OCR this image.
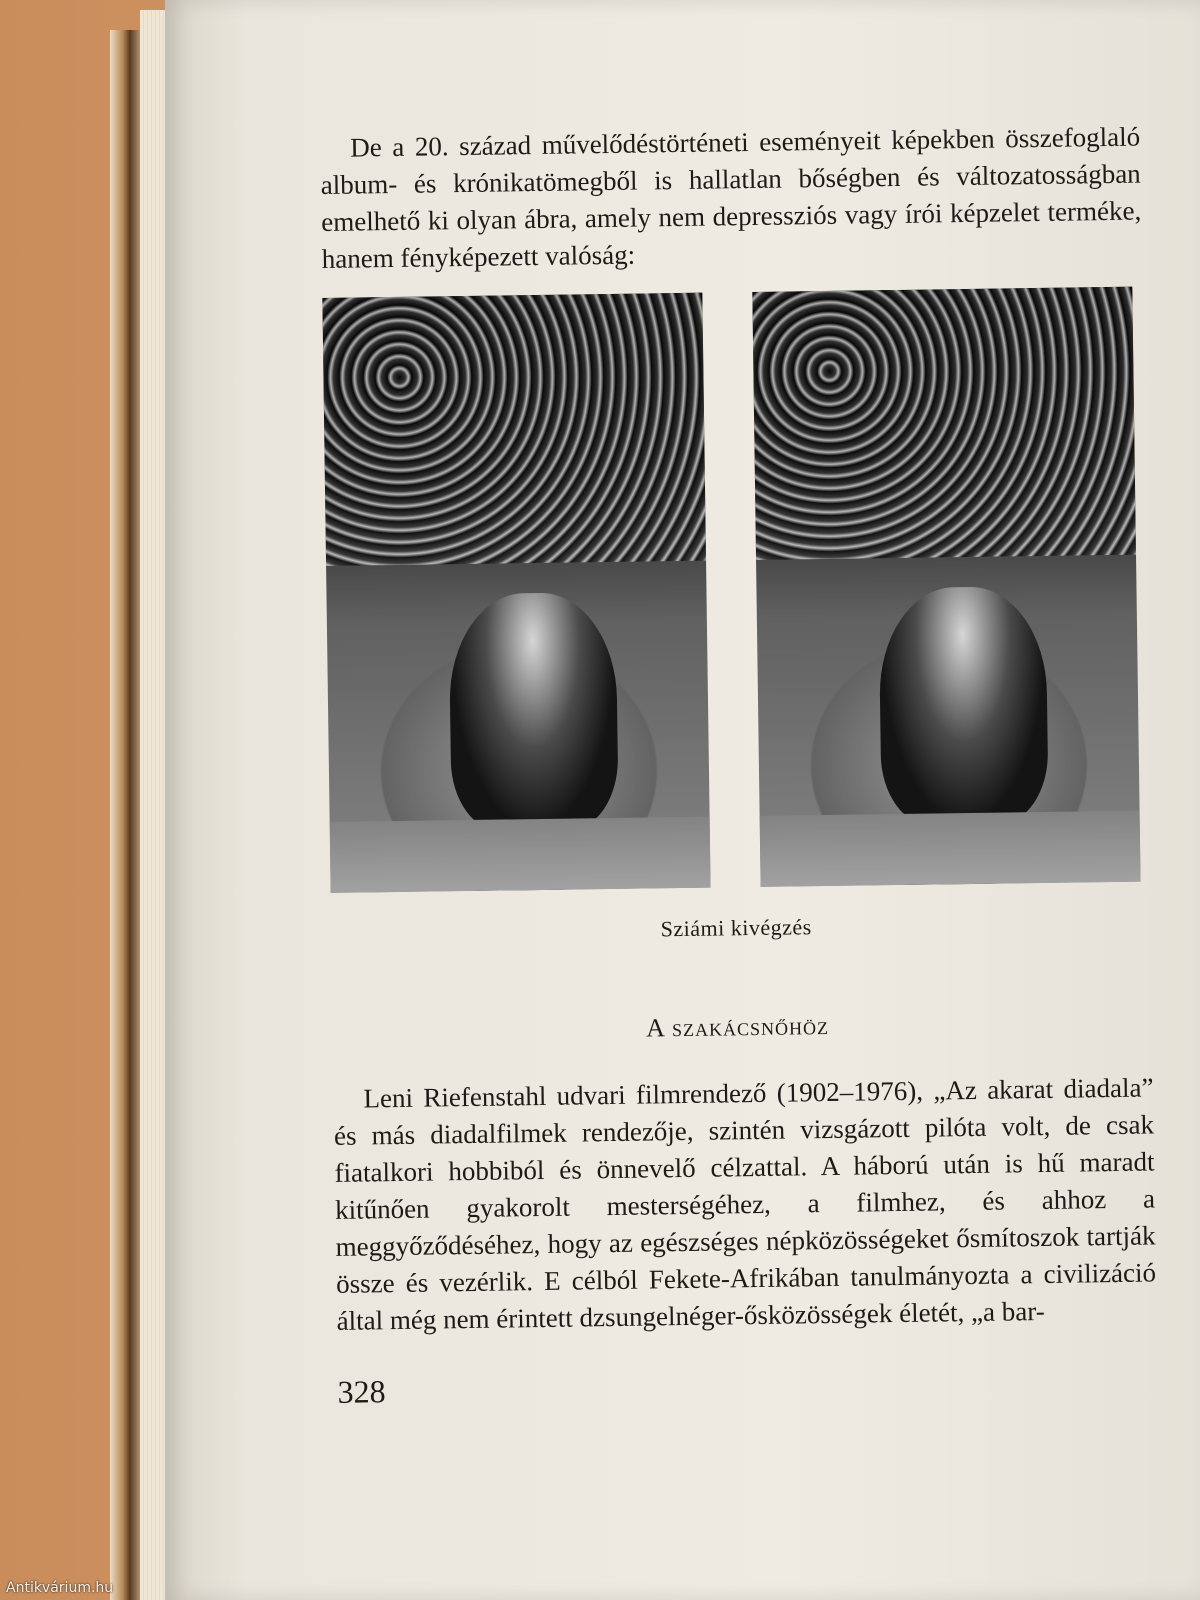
De a 20. század művelődéstörténeti eseményeit képekben összefoglaló album- és krónikatömegből is hallatlan bőségben és változatosságban emelhető ki olyan ábra, amely nem depressziós vagy írói képzelet terméke, hanem fényképezett valóság:

Sziámi kivégzés
A szakácsnőhöz

Leni Riefenstahl udvari filmrendező (1902–1976), „Az akarat diadala” és más diadalfilmek rendezője, szintén vizsgázott pilóta volt, de csak fiatalkori hobbiból és önnevelő célzattal. A háború után is hű maradt kitűnően gyakorolt mesterségéhez, a filmhez, és ahhoz a meggyőződéséhez, hogy az egészséges népközösségeket ősmítoszok tartják össze és vezérlik. E célból Fekete-Afrikában tanulmányozta a civilizáció által még nem érintett dzsungelnéger-ősközösségek életét, „a bar-

328
Antikvárium.hu
